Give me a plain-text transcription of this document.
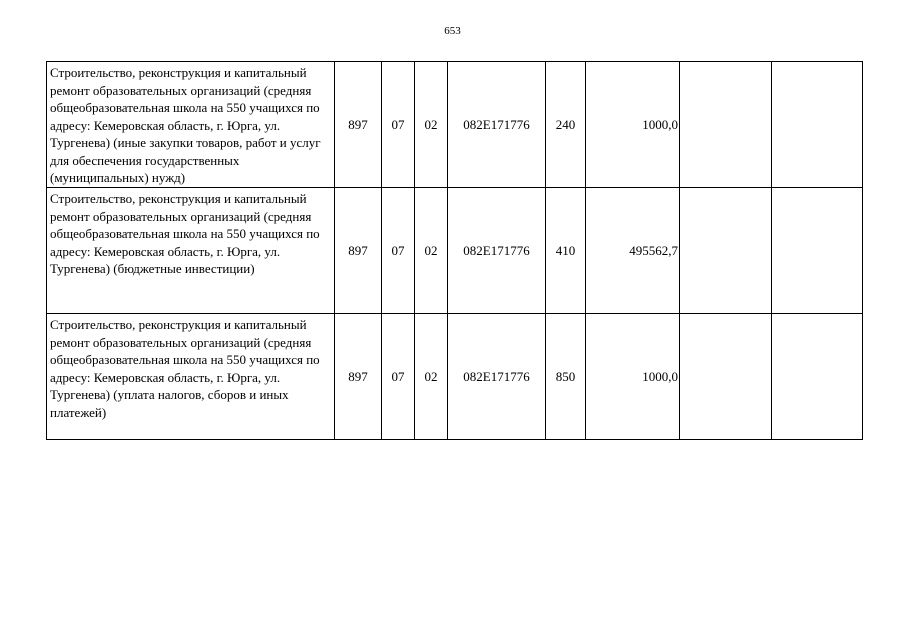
653
Строительство, реконструкция и капитальный ремонт образовательных организаций (средняя общеобразовательная школа на 550 учащихся по адресу: Кемеровская область, г. Юрга, ул. Тургенева) (иные закупки товаров, работ и услуг для обеспечения государственных (муниципальных) нужд)	897	07	02	082Е171776	240	1000,0		
Строительство, реконструкция и капитальный ремонт образовательных организаций (средняя общеобразовательная школа на 550 учащихся по адресу: Кемеровская область, г. Юрга, ул. Тургенева) (бюджетные инвестиции)	897	07	02	082Е171776	410	495562,7		
Строительство, реконструкция и капитальный ремонт образовательных организаций (средняя общеобразовательная школа на 550 учащихся по адресу: Кемеровская область, г. Юрга, ул. Тургенева) (уплата налогов, сборов и иных платежей)	897	07	02	082Е171776	850	1000,0		
